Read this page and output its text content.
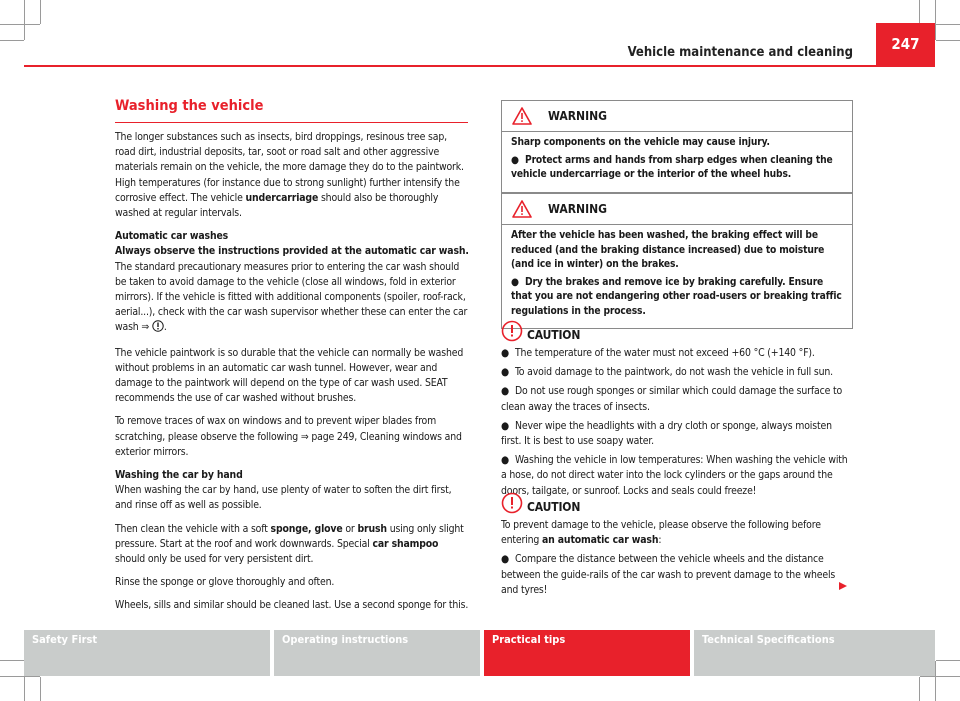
Vehicle maintenance and cleaning	247
Washing the vehicle

The longer substances such as insects, bird droppings, resinous tree sap, road dirt, industrial deposits, tar, soot or road salt and other aggressive materials remain on the vehicle, the more damage they do to the paintwork. High temperatures (for instance due to strong sunlight) further intensify the corrosive effect. The vehicle undercarriage should also be thoroughly washed at regular intervals.

Automatic car washes

Always observe the instructions provided at the automatic car wash. The standard precautionary measures prior to entering the car wash should be taken to avoid damage to the vehicle (close all windows, fold in exterior mirrors). If the vehicle is fitted with additional components (spoiler, roof-rack, aerial...), check with the car wash supervisor whether these can enter the car wash ⇒ .

The vehicle paintwork is so durable that the vehicle can normally be washed without problems in an automatic car wash tunnel. However, wear and damage to the paintwork will depend on the type of car wash used. SEAT recommends the use of car washed without brushes.

To remove traces of wax on windows and to prevent wiper blades from scratching, please observe the following ⇒ page 249, Cleaning windows and exterior mirrors.

Washing the car by hand

When washing the car by hand, use plenty of water to soften the dirt first, and rinse off as well as possible.

Then clean the vehicle with a soft sponge, glove or brush using only slight pressure. Start at the roof and work downwards. Special car shampoo should only be used for very persistent dirt.

Rinse the sponge or glove thoroughly and often.

Wheels, sills and similar should be cleaned last. Use a second sponge for this.

WARNING

Sharp components on the vehicle may cause injury.

● Protect arms and hands from sharp edges when cleaning the vehicle undercarriage or the interior of the wheel hubs.

WARNING

After the vehicle has been washed, the braking effect will be reduced (and the braking distance increased) due to moisture (and ice in winter) on the brakes.

● Dry the brakes and remove ice by braking carefully. Ensure that you are not endangering other road-users or breaking traffic regulations in the process.

CAUTION

● The temperature of the water must not exceed +60 °C (+140 °F).

● To avoid damage to the paintwork, do not wash the vehicle in full sun.

● Do not use rough sponges or similar which could damage the surface to clean away the traces of insects.

● Never wipe the headlights with a dry cloth or sponge, always moisten first. It is best to use soapy water.

● Washing the vehicle in low temperatures: When washing the vehicle with a hose, do not direct water into the lock cylinders or the gaps around the doors, tailgate, or sunroof. Locks and seals could freeze!

CAUTION

To prevent damage to the vehicle, please observe the following before entering an automatic car wash:

● Compare the distance between the vehicle wheels and the distance between the guide-rails of the car wash to prevent damage to the wheels and tyres!

Safety First	Operating instructions	Practical tips	Technical Specifications
